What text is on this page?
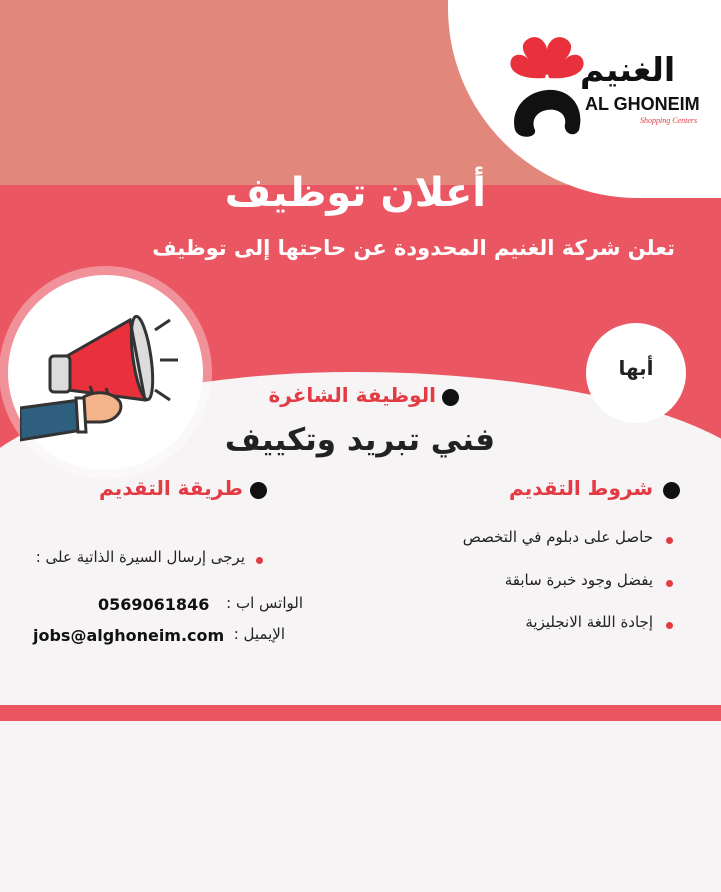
الغنيم
AL GHONEIM
Shopping Centers
أعلان توظيف
تعلن شركة الغنيم المحدودة عن حاجتها إلى توظيف
أبها
الوظيفة الشاغرة
فني تبريد وتكييف
شروط التقديم
حاصل على دبلوم في التخصص
يفضل وجود خبرة سابقة
إجادة اللغة الانجليزية
طريقة التقديم
يرجى إرسال السيرة الذاتية على :
الواتس اب :
0569061846
الإيميل :
jobs@alghoneim.com
